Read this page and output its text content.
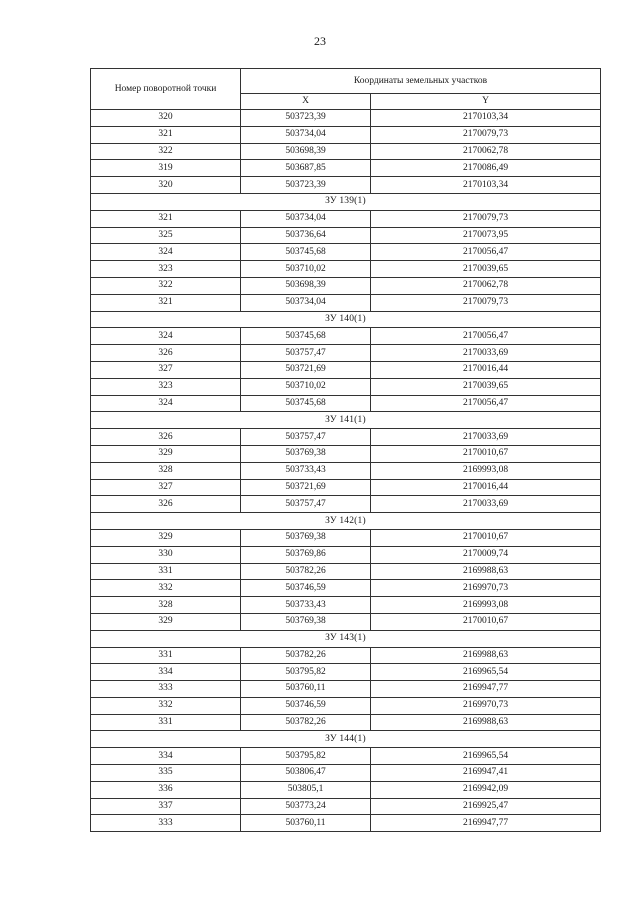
23
Номер поворотной точки	Координаты земельных участков	
	X	Y
320	503723,39	2170103,34
321	503734,04	2170079,73
322	503698,39	2170062,78
319	503687,85	2170086,49
320	503723,39	2170103,34
ЗУ 139(1)		
321	503734,04	2170079,73
325	503736,64	2170073,95
324	503745,68	2170056,47
323	503710,02	2170039,65
322	503698,39	2170062,78
321	503734,04	2170079,73
ЗУ 140(1)		
324	503745,68	2170056,47
326	503757,47	2170033,69
327	503721,69	2170016,44
323	503710,02	2170039,65
324	503745,68	2170056,47
ЗУ 141(1)		
326	503757,47	2170033,69
329	503769,38	2170010,67
328	503733,43	2169993,08
327	503721,69	2170016,44
326	503757,47	2170033,69
ЗУ 142(1)		
329	503769,38	2170010,67
330	503769,86	2170009,74
331	503782,26	2169988,63
332	503746,59	2169970,73
328	503733,43	2169993,08
329	503769,38	2170010,67
ЗУ 143(1)		
331	503782,26	2169988,63
334	503795,82	2169965,54
333	503760,11	2169947,77
332	503746,59	2169970,73
331	503782,26	2169988,63
ЗУ 144(1)		
334	503795,82	2169965,54
335	503806,47	2169947,41
336	503805,1	2169942,09
337	503773,24	2169925,47
333	503760,11	2169947,77
